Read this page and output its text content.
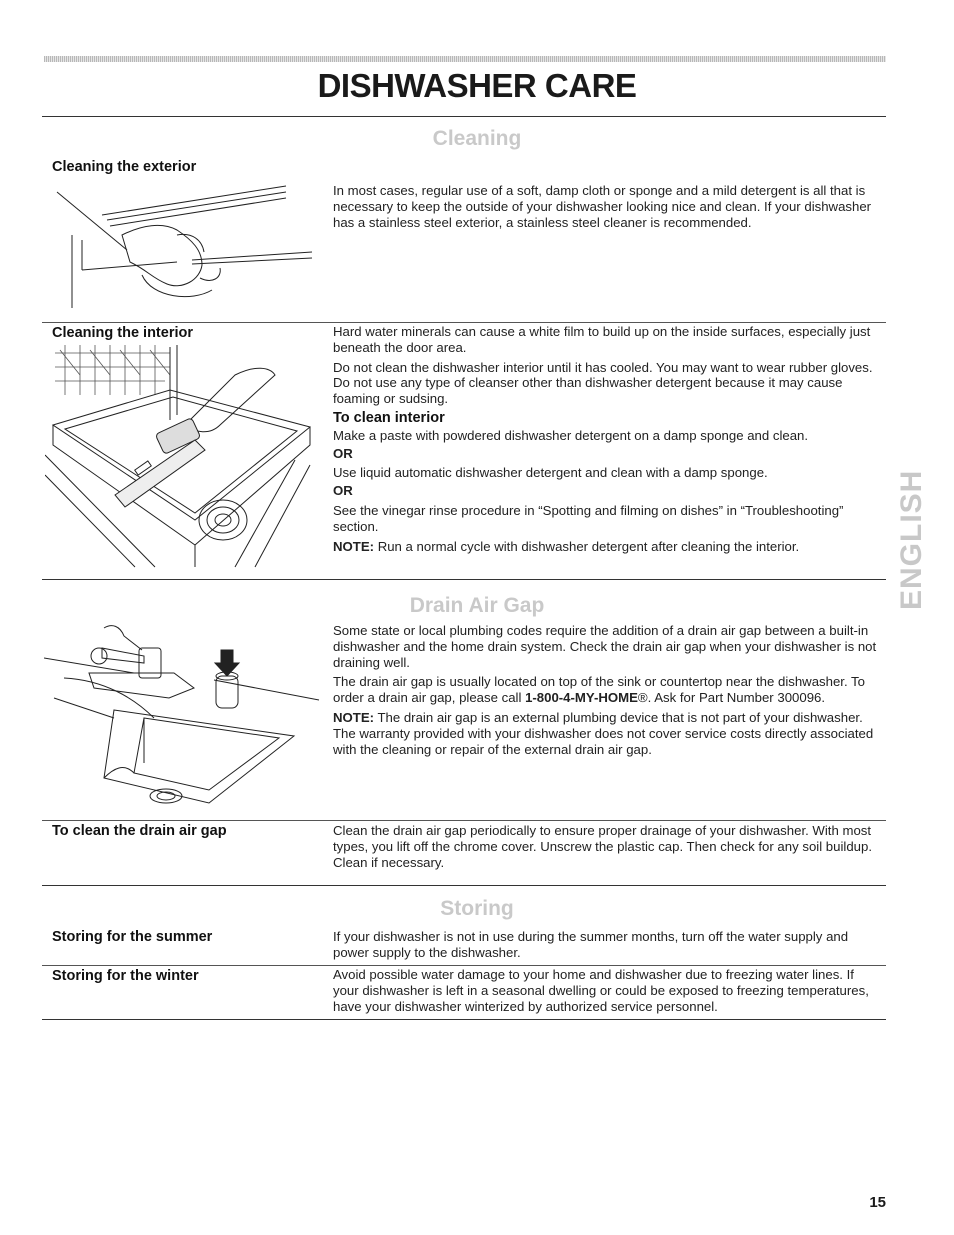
DISHWASHER CARE
Cleaning
Cleaning the exterior

In most cases, regular use of a soft, damp cloth or sponge and a mild detergent is all that is necessary to keep the outside of your dishwasher looking nice and clean. If your dishwasher has a stainless steel exterior, a stainless steel cleaner is recommended.

Cleaning the interior	Hard water minerals can cause a white film to build up on the inside surfaces, especially just beneath the door area.

Do not clean the dishwasher interior until it has cooled. You may want to wear rubber gloves. Do not use any type of cleanser other than dishwasher detergent because it may cause foaming or sudsing.

To clean interior

Make a paste with powdered dishwasher detergent on a damp sponge and clean.

OR

Use liquid automatic dishwasher detergent and clean with a damp sponge.

OR

See the vinegar rinse procedure in “Spotting and filming on dishes” in “Troubleshooting” section.

NOTE: Run a normal cycle with dishwasher detergent after cleaning the interior.

Drain Air Gap

Some state or local plumbing codes require the addition of a drain air gap between a built-in dishwasher and the home drain system. Check the drain air gap when your dishwasher is not draining well.

The drain air gap is usually located on top of the sink or countertop near the dishwasher. To order a drain air gap, please call 1-800-4-MY-HOME®. Ask for Part Number 300096.

NOTE: The drain air gap is an external plumbing device that is not part of your dishwasher. The warranty provided with your dishwasher does not cover service costs directly associated with the cleaning or repair of the external drain air gap.

To clean the drain air gap	Clean the drain air gap periodically to ensure proper drainage of your dishwasher. With most types, you lift off the chrome cover. Unscrew the plastic cap. Then check for any soil buildup. Clean if necessary.

Storing
Storing for the summer	If your dishwasher is not in use during the summer months, turn off the water supply and power supply to the dishwasher.

Storing for the winter	Avoid possible water damage to your home and dishwasher due to freezing water lines. If your dishwasher is left in a seasonal dwelling or could be exposed to freezing temperatures, have your dishwasher winterized by authorized service personnel.

ENGLISH
15
